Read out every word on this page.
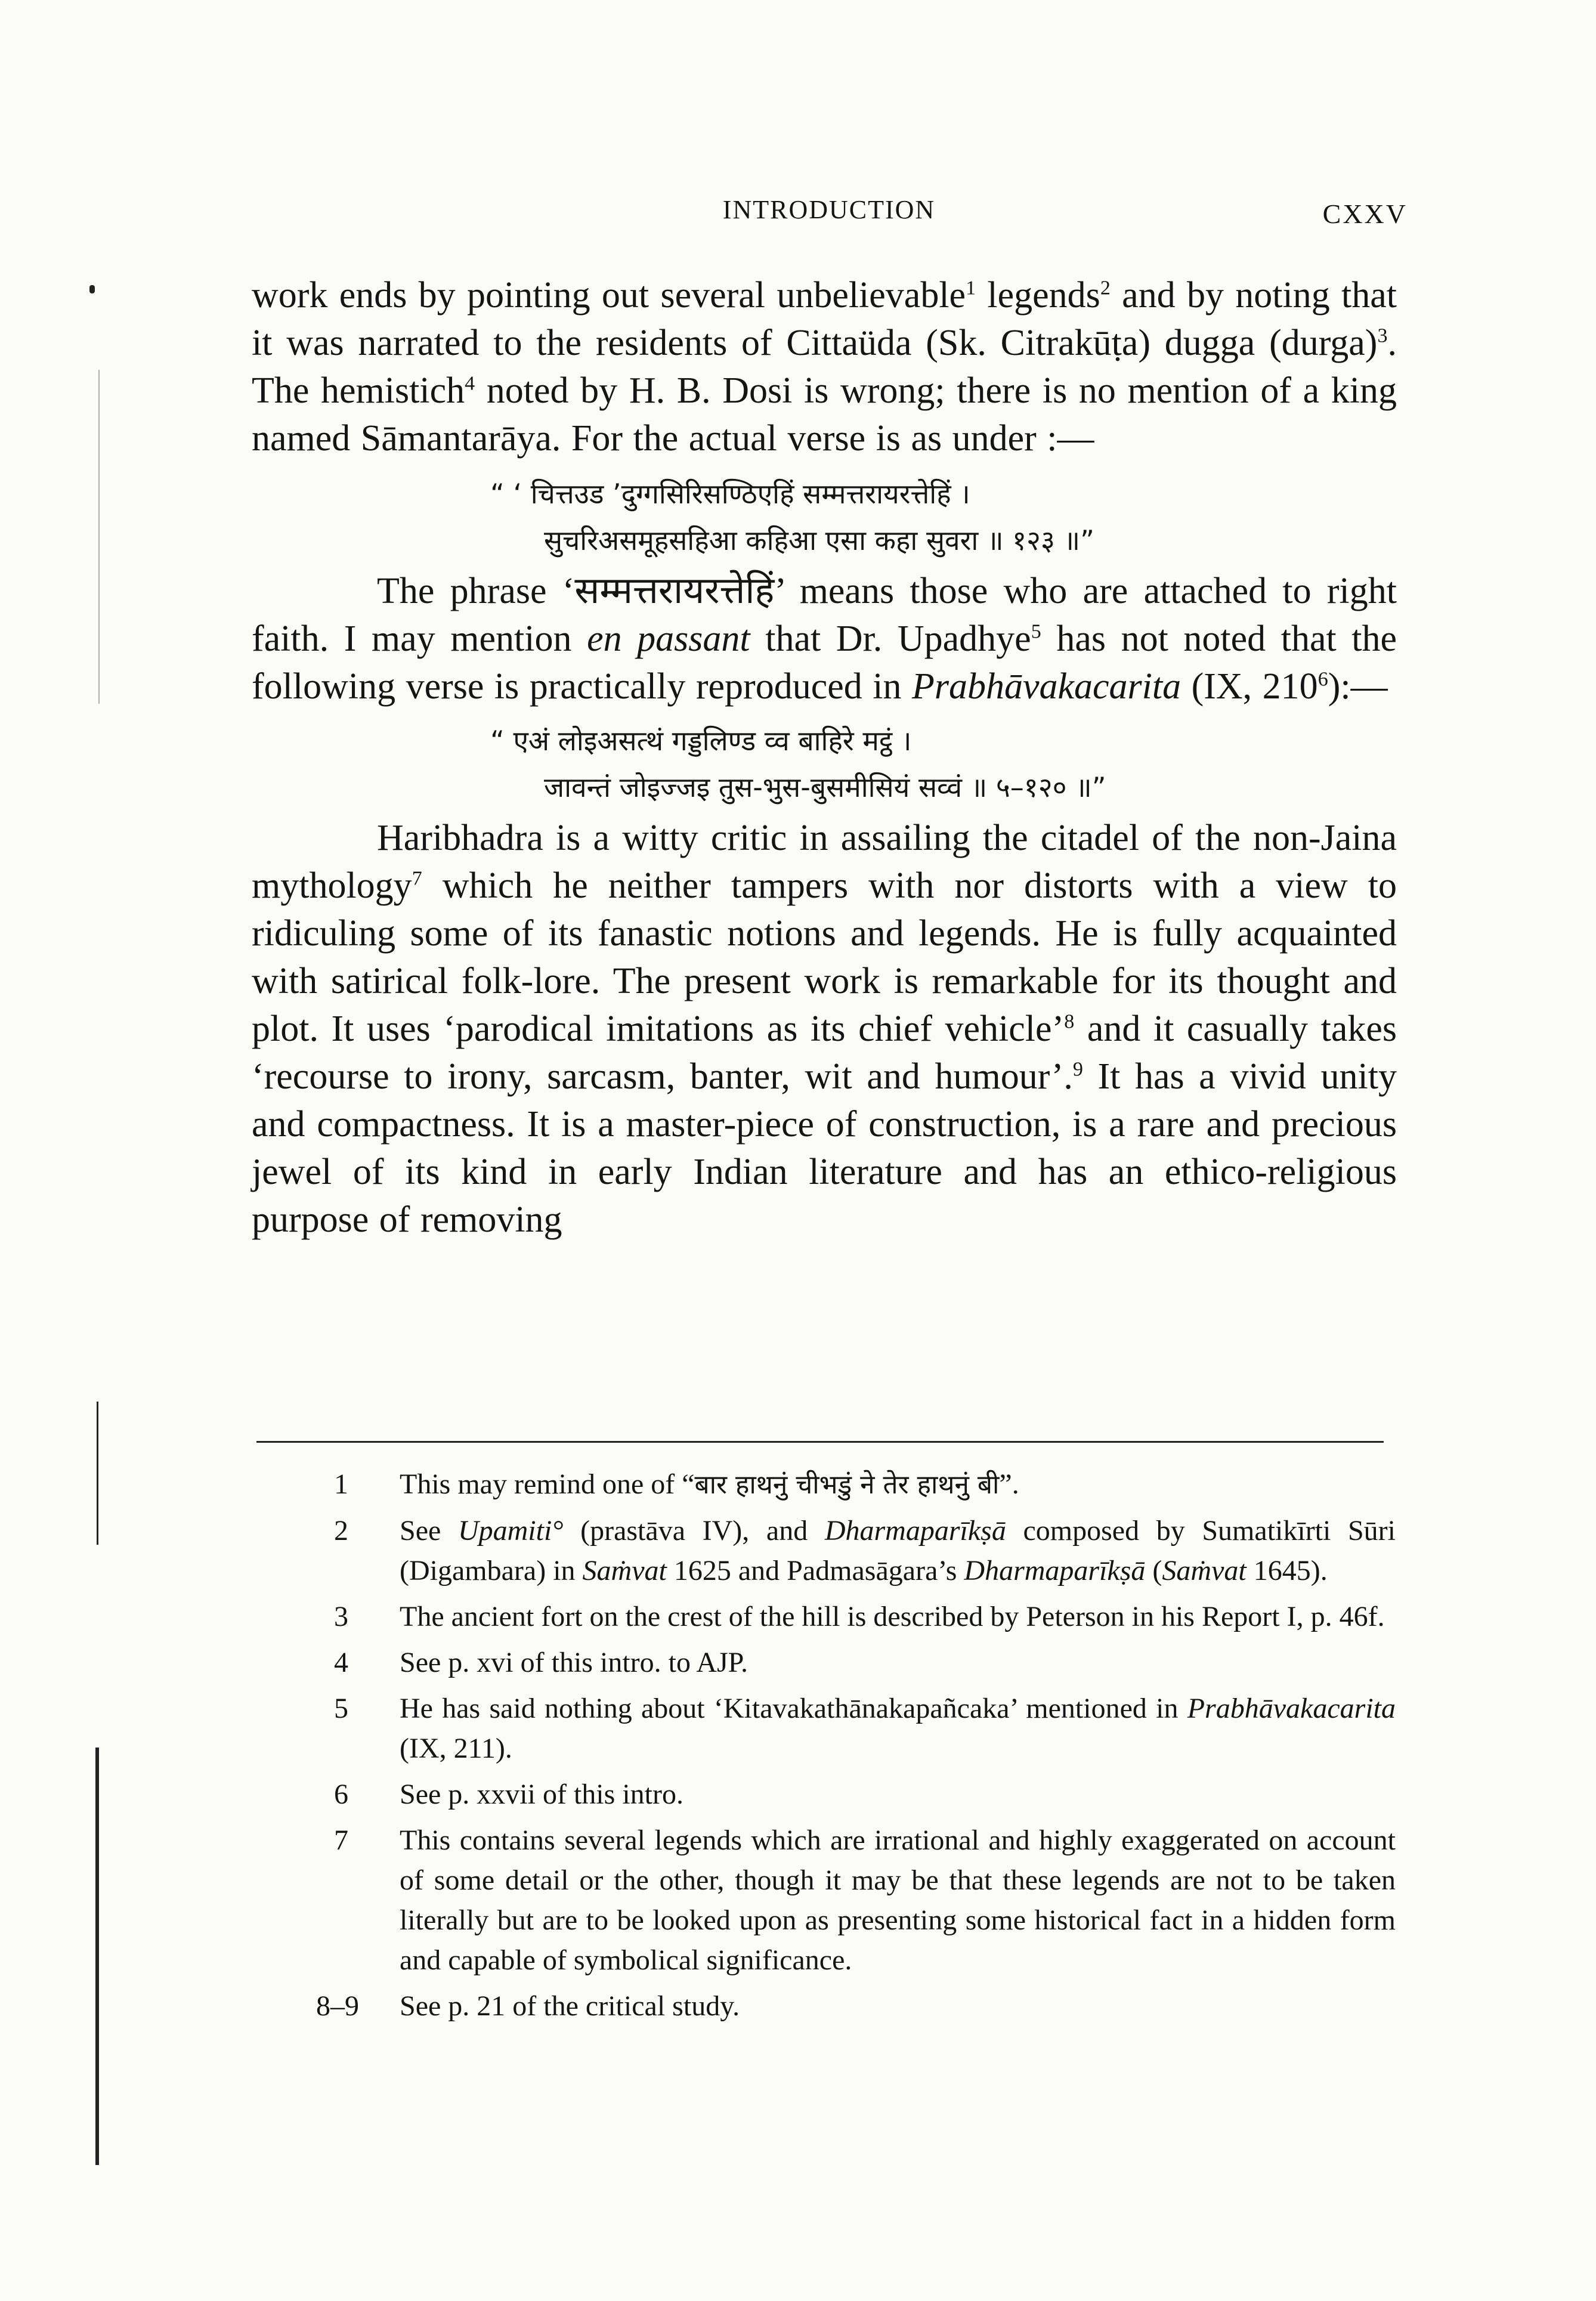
INTRODUCTION	CXXV

work ends by pointing out several unbelievable$^1$ legends$^2$ and by noting that it was narrated to the residents of Cittaüda (Sk. Citrakūṭa) dugga (durga)$^3$. The hemistich$^4$ noted by H. B. Dosi is wrong; there is no mention of a king named Sāmantarāya. For the actual verse is as under :—

“ ‘ चित्तउड ’दुग्गसिरिसण्ठिएहिं सम्मत्तरायरत्तेहिं ।
सुचरिअसमूहसहिआ कहिआ एसा कहा सुवरा ॥ १२३ ॥”

The phrase ‘सम्मत्तरायरत्तेहिं’ means those who are attached to right faith. I may mention en passant that Dr. Upadhye$^5$ has not noted that the following verse is practically reproduced in Prabhāvakacarita (IX, $210^6):—$

“ एअं लोइअसत्थं गड्डलिण्ड व्व बाहिरे मट्ठं ।
जावन्तं जोइज्जइ तुस-भुस-बुसमीसियं सव्वं ॥ ५–१२० ॥”

Haribhadra is a witty critic in assailing the citadel of the non-Jaina mythology$^7$ which he neither tampers with nor distorts with a view to ridiculing some of its fanastic notions and legends. He is fully acquainted with satirical folk-lore. The present work is remarkable for its thought and plot. It uses ‘parodical imitations as its chief vehicle’$^8$ and it casually takes ‘recourse to irony, sarcasm, banter, wit and humour’.$^9$ It has a vivid unity and compactness. It is a master-piece of construction, is a rare and precious jewel of its kind in early Indian literature and has an ethico-religious purpose of removing

1 This may remind one of “बार हाथनुं चीभडुं ने तेर हाथनुं बी”.

2 See Upamiti° (prastāva IV), and Dharmaparīkṣā composed by Sumatikīrti Sūri (Digambara) in Saṁvat 1625 and Padmasāgara’s Dharmaparīkṣā (Saṁvat 1645).

3 The ancient fort on the crest of the hill is described by Peterson in his Report I, p. 46f.

4 See p. xvi of this intro. to AJP.

5 He has said nothing about ‘Kitavakathānakapañcaka’ mentioned in Prabhāvakacarita (IX, 211).

6 See p. xxvii of this intro.

7 This contains several legends which are irrational and highly exaggerated on account of some detail or the other, though it may be that these legends are not to be taken literally but are to be looked upon as presenting some historical fact in a hidden form and capable of symbolical significance.

8–9 See p. 21 of the critical study.
